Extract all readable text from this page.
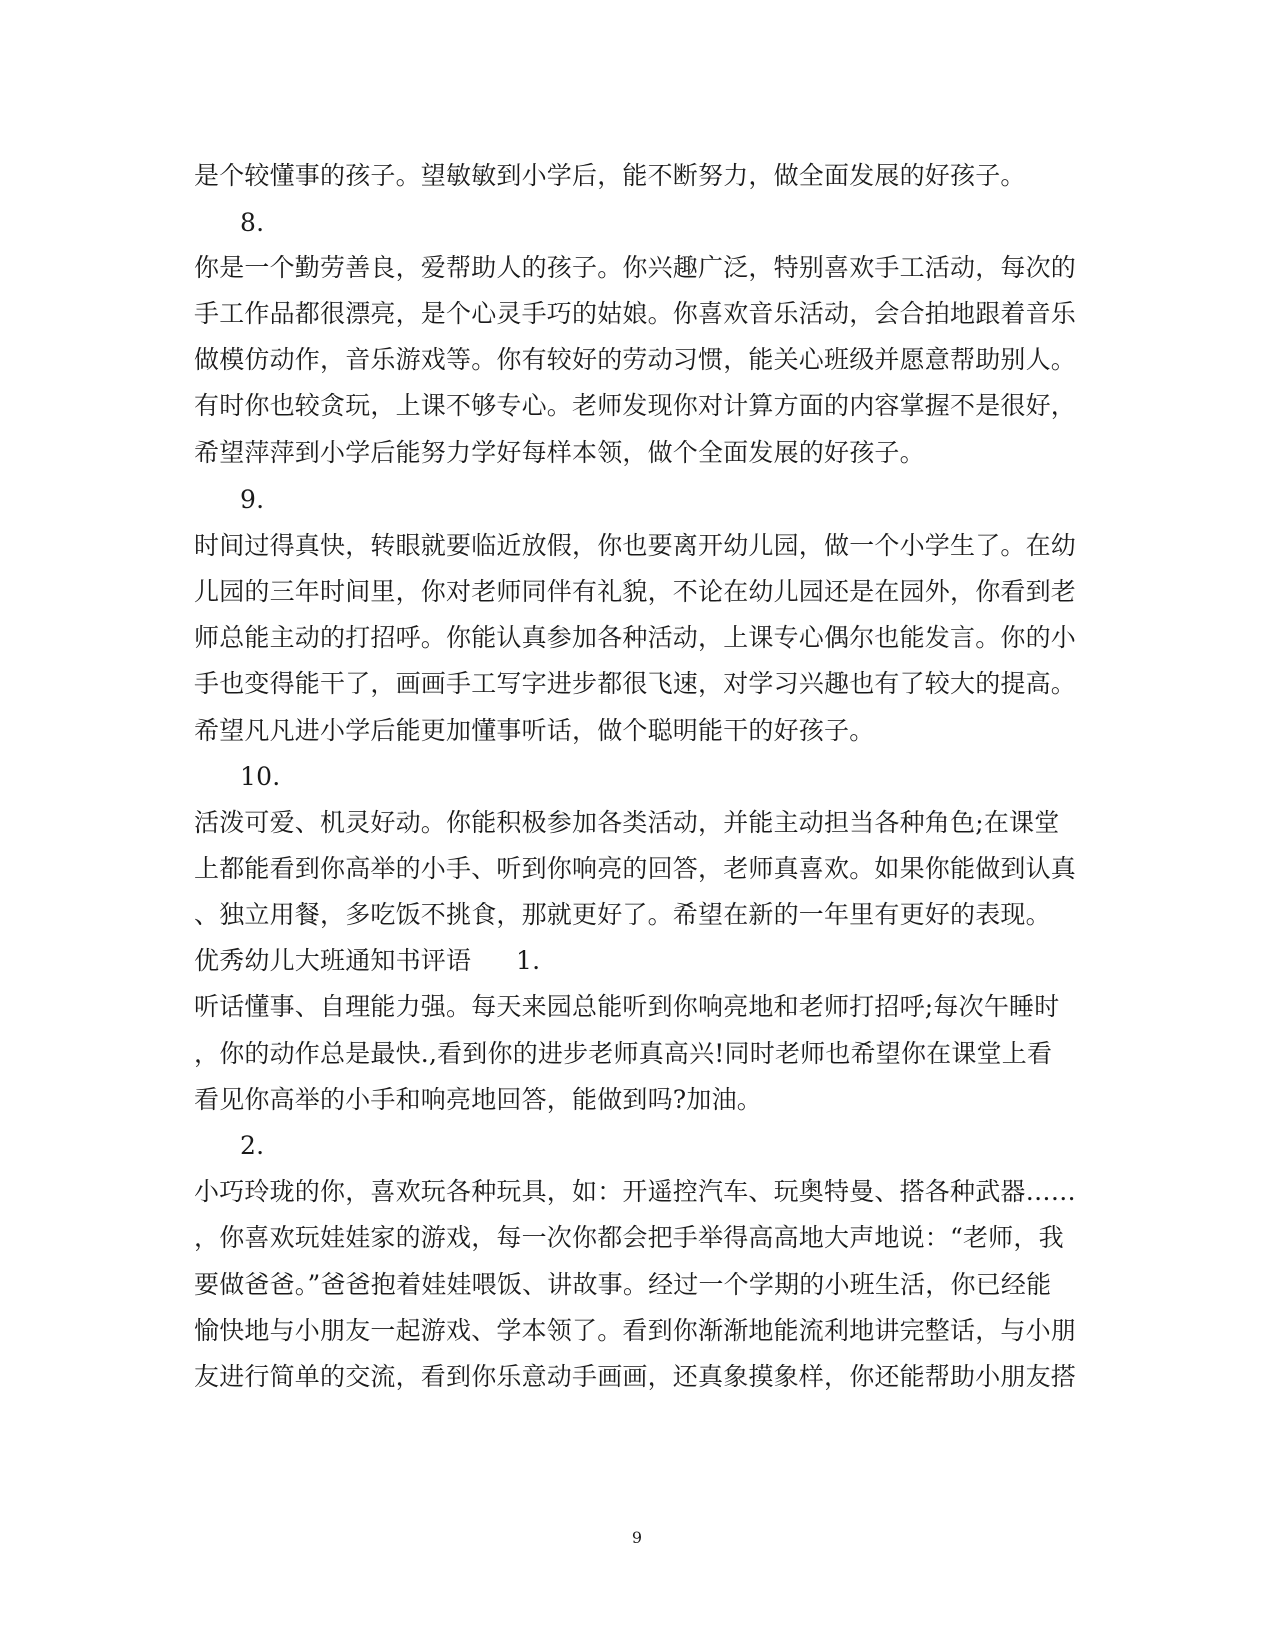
是个较懂事的孩子。望敏敏到小学后，能不断努力，做全面发展的好孩子。
8.
你是一个勤劳善良，爱帮助人的孩子。你兴趣广泛，特别喜欢手工活动，每次的
手工作品都很漂亮，是个心灵手巧的姑娘。你喜欢音乐活动，会合拍地跟着音乐
做模仿动作，音乐游戏等。你有较好的劳动习惯，能关心班级并愿意帮助别人。
有时你也较贪玩，上课不够专心。老师发现你对计算方面的内容掌握不是很好，
希望萍萍到小学后能努力学好每样本领，做个全面发展的好孩子。
9.
时间过得真快，转眼就要临近放假，你也要离开幼儿园，做一个小学生了。在幼
儿园的三年时间里，你对老师同伴有礼貌，不论在幼儿园还是在园外，你看到老
师总能主动的打招呼。你能认真参加各种活动，上课专心偶尔也能发言。你的小
手也变得能干了，画画手工写字进步都很飞速，对学习兴趣也有了较大的提高。
希望凡凡进小学后能更加懂事听话，做个聪明能干的好孩子。
10.
活泼可爱、机灵好动。你能积极参加各类活动，并能主动担当各种角色;在课堂
上都能看到你高举的小手、听到你响亮的回答，老师真喜欢。如果你能做到认真
、独立用餐，多吃饭不挑食，那就更好了。希望在新的一年里有更好的表现。
优秀幼儿大班通知书评语 1.
听话懂事、自理能力强。每天来园总能听到你响亮地和老师打招呼;每次午睡时
，你的动作总是最快.,看到你的进步老师真高兴!同时老师也希望你在课堂上看
看见你高举的小手和响亮地回答，能做到吗?加油。
2.
小巧玲珑的你，喜欢玩各种玩具，如：开遥控汽车、玩奥特曼、搭各种武器……
，你喜欢玩娃娃家的游戏，每一次你都会把手举得高高地大声地说：“老师，我
要做爸爸。”爸爸抱着娃娃喂饭、讲故事。经过一个学期的小班生活，你已经能
愉快地与小朋友一起游戏、学本领了。看到你渐渐地能流利地讲完整话，与小朋
友进行简单的交流，看到你乐意动手画画，还真象摸象样，你还能帮助小朋友搭
9
